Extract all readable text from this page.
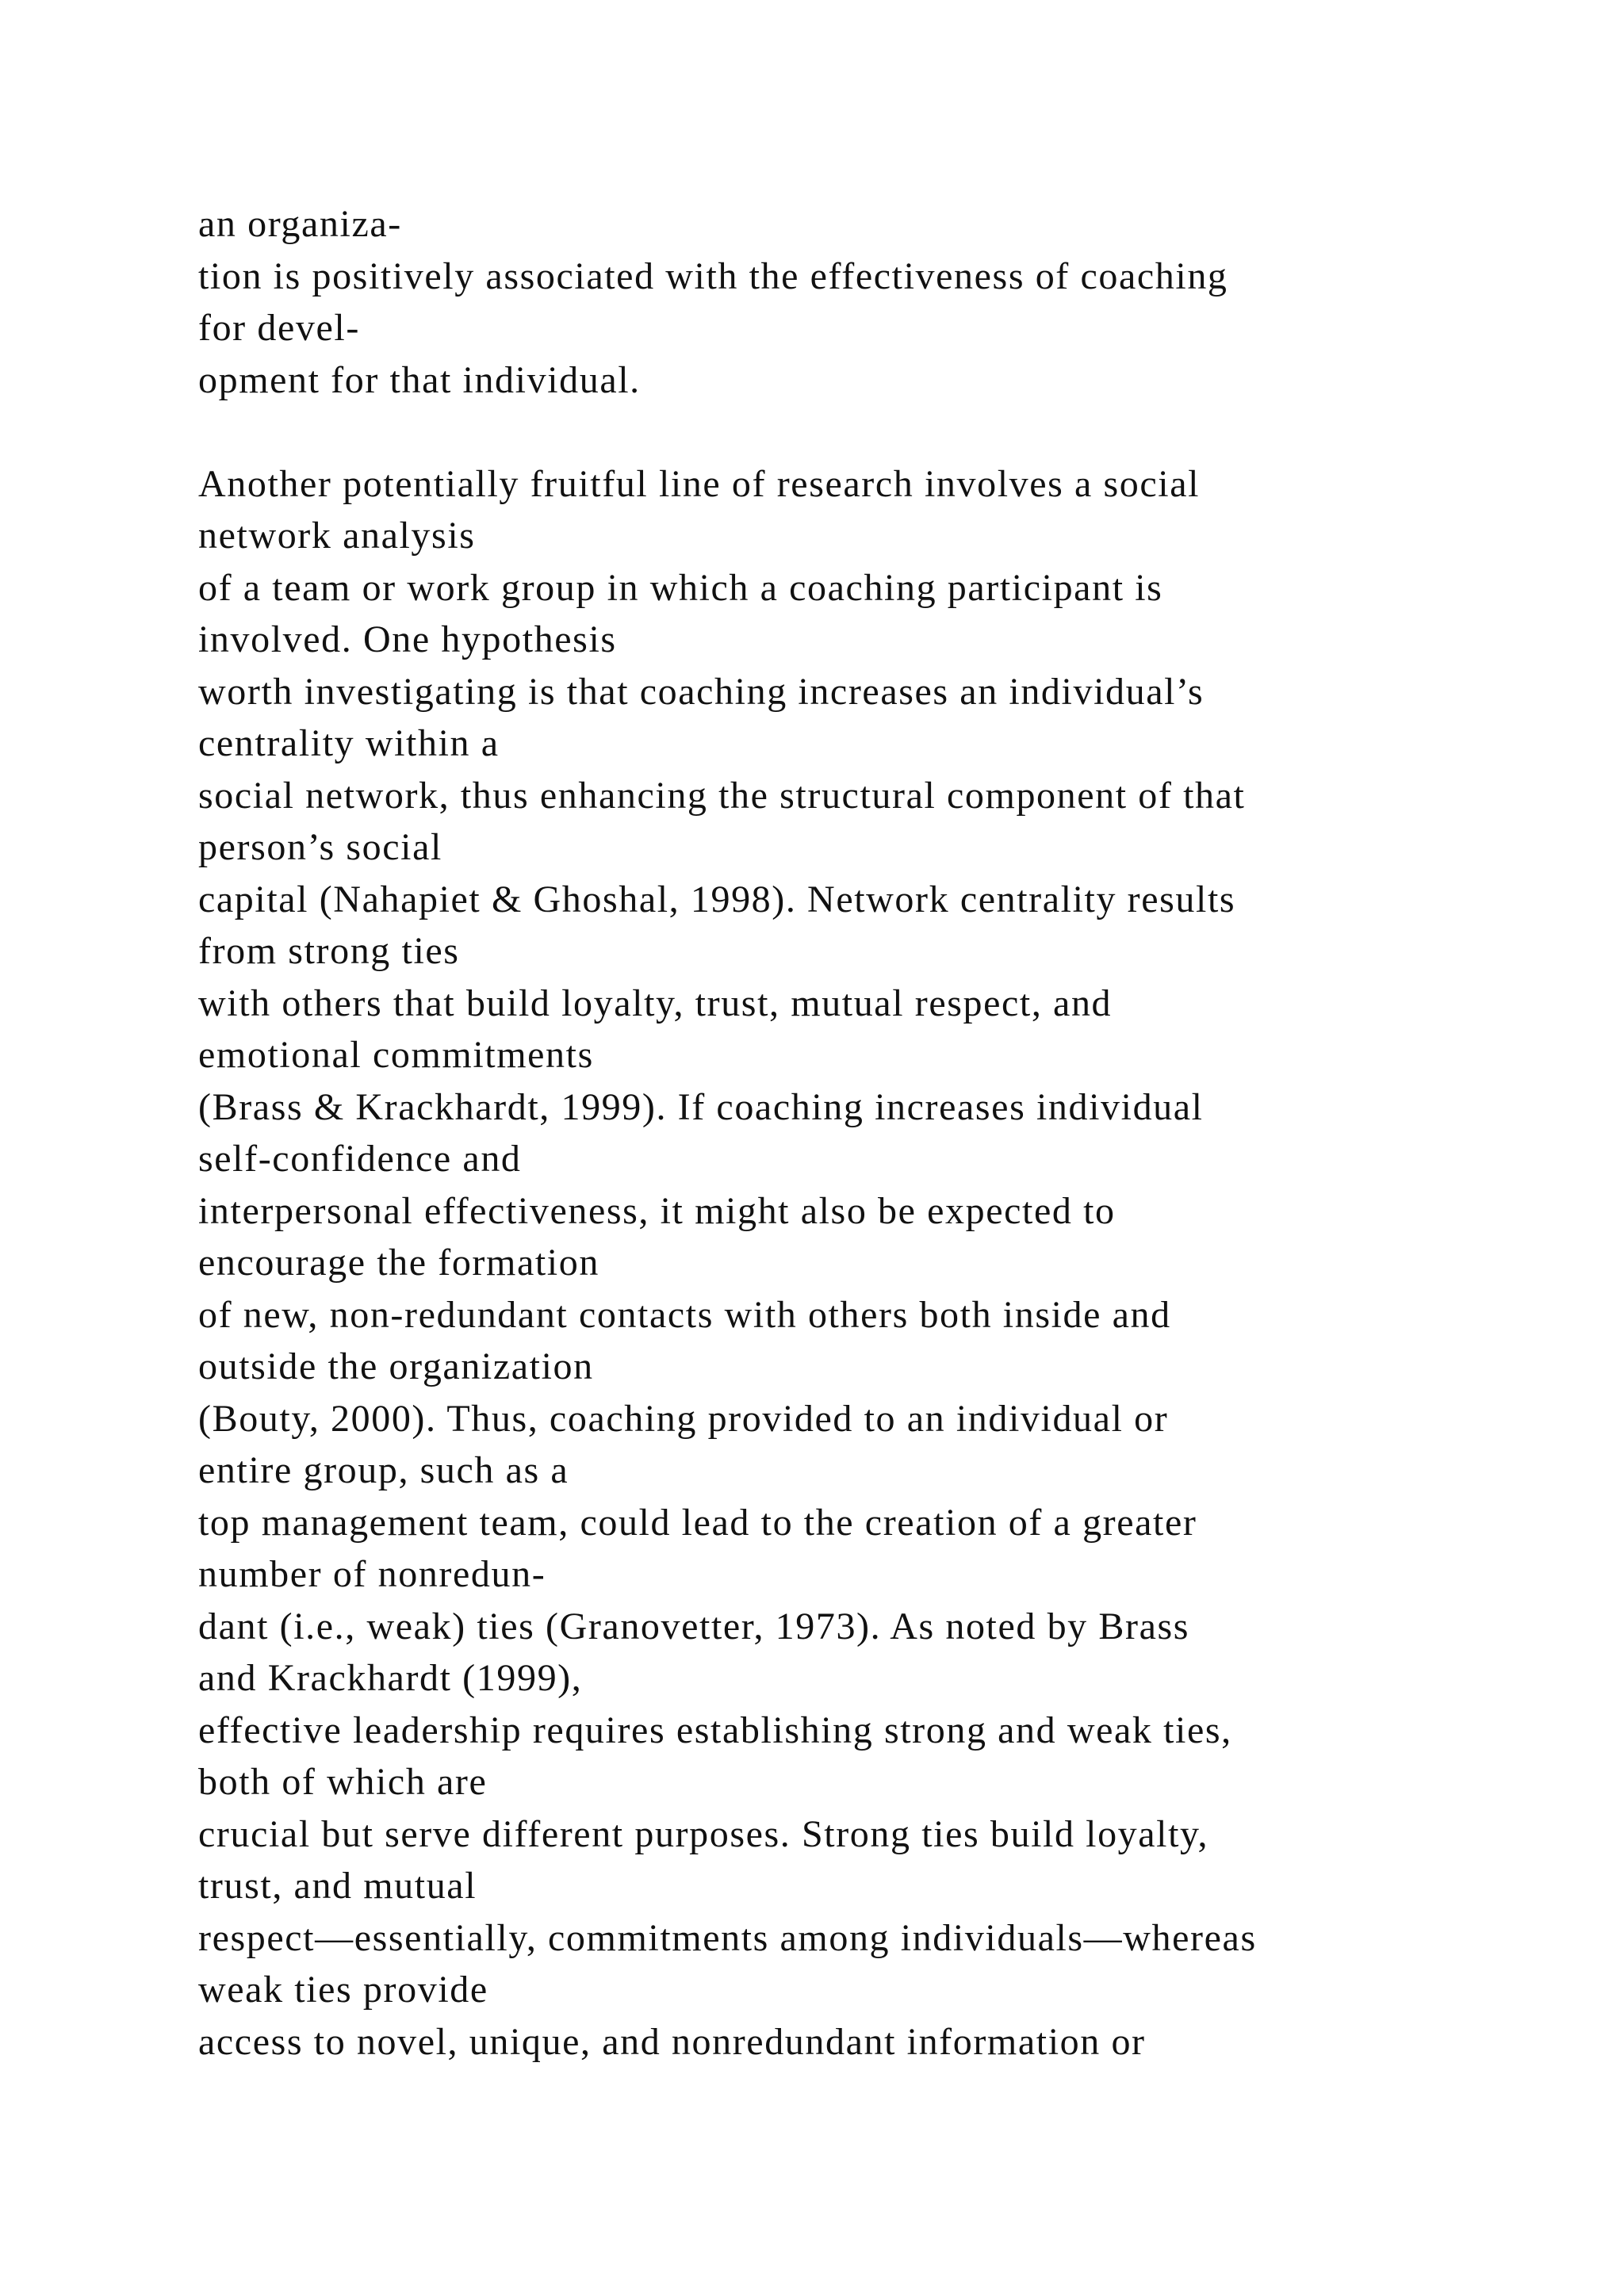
an organiza-
tion is positively associated with the effectiveness of coaching
for devel-
opment for that individual.
Another potentially fruitful line of research involves a social
network analysis
of a team or work group in which a coaching participant is
involved. One hypothesis
worth investigating is that coaching increases an individual’s
centrality within a
social network, thus enhancing the structural component of that
person’s social
capital (Nahapiet & Ghoshal, 1998). Network centrality results
from strong ties
with others that build loyalty, trust, mutual respect, and
emotional commitments
(Brass & Krackhardt, 1999). If coaching increases individual
self-confidence and
interpersonal effectiveness, it might also be expected to
encourage the formation
of new, non-redundant contacts with others both inside and
outside the organization
(Bouty, 2000). Thus, coaching provided to an individual or
entire group, such as a
top management team, could lead to the creation of a greater
number of nonredun-
dant (i.e., weak) ties (Granovetter, 1973). As noted by Brass
and Krackhardt (1999),
effective leadership requires establishing strong and weak ties,
both of which are
crucial but serve different purposes. Strong ties build loyalty,
trust, and mutual
respect—essentially, commitments among individuals—whereas
weak ties provide
access to novel, unique, and nonredundant information or
